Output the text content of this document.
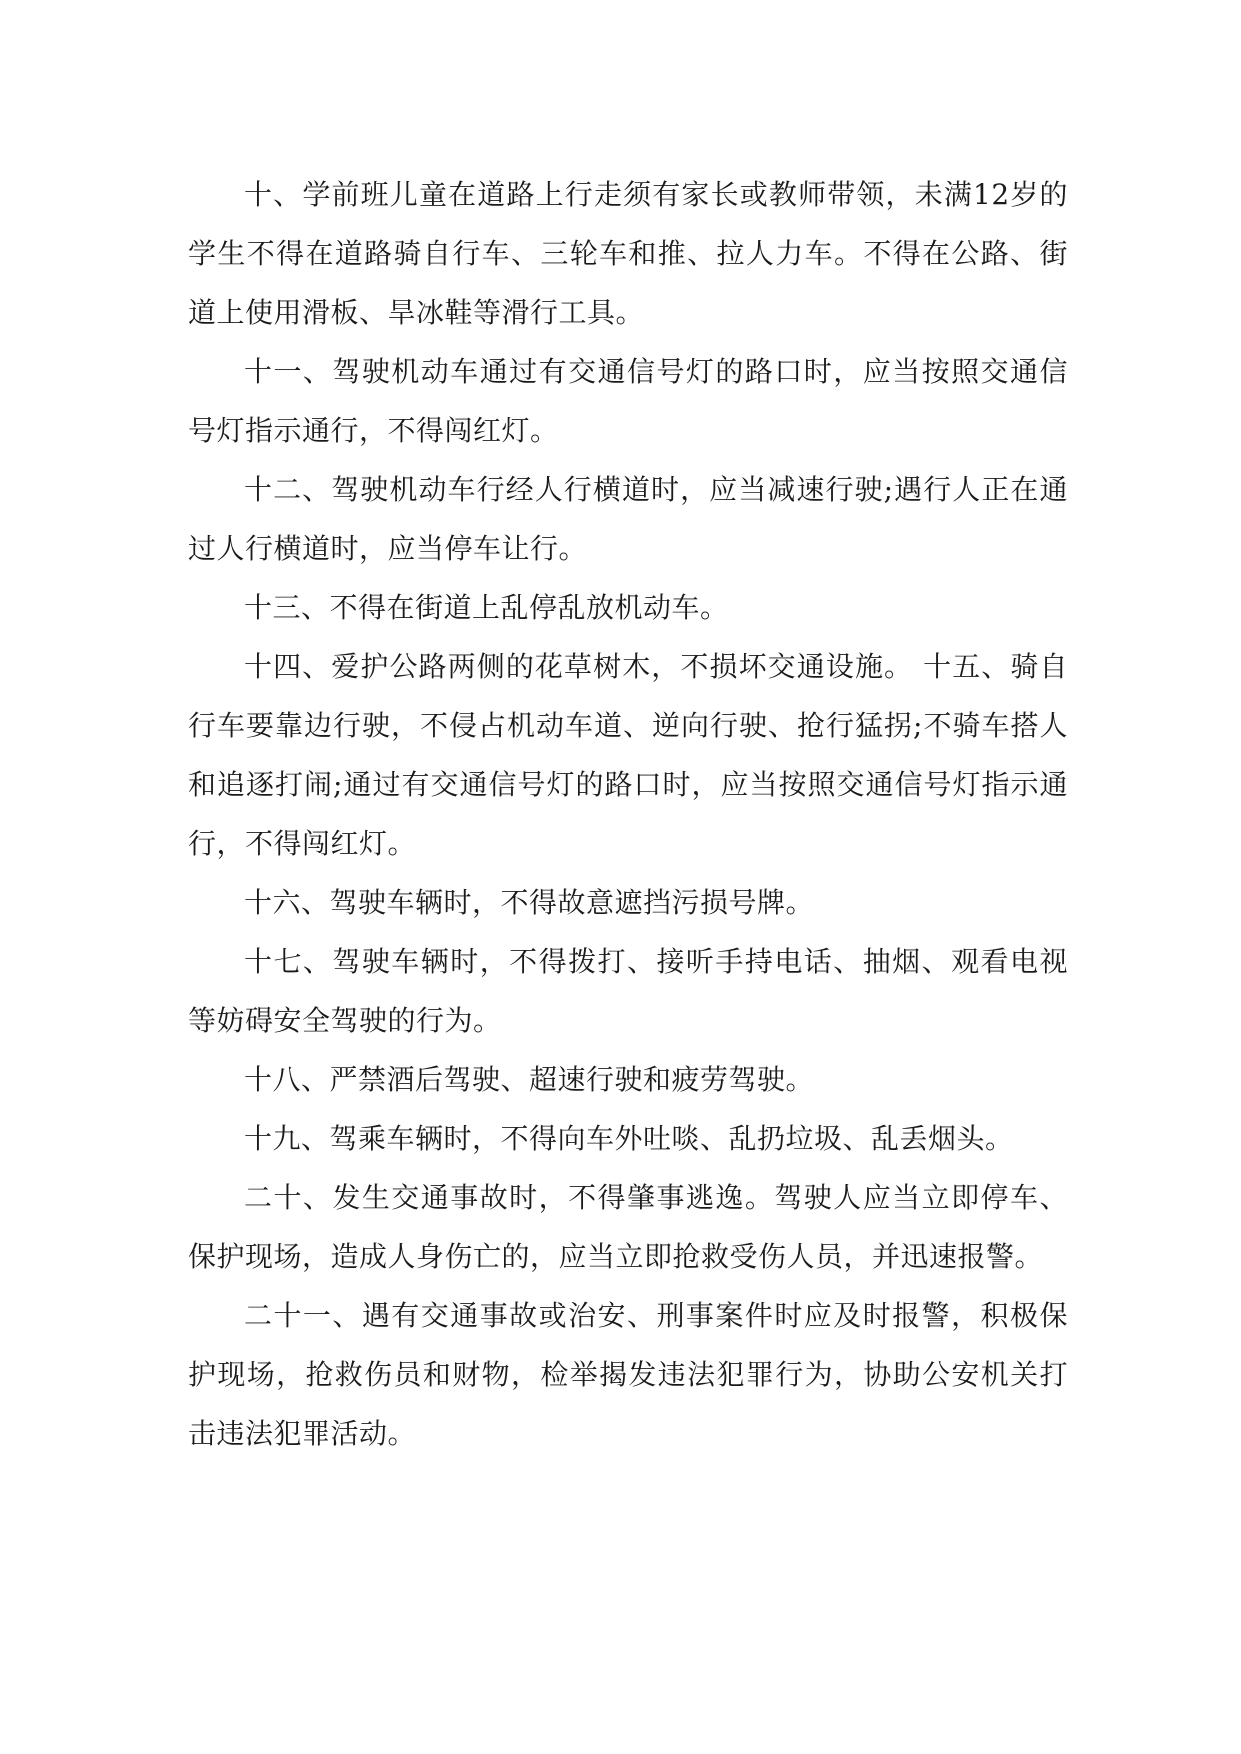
十、学前班儿童在道路上行走须有家长或教师带领，未满12岁的学生不得在道路骑自行车、三轮车和推、拉人力车。不得在公路、街道上使用滑板、旱冰鞋等滑行工具。

十一、驾驶机动车通过有交通信号灯的路口时，应当按照交通信号灯指示通行，不得闯红灯。

十二、驾驶机动车行经人行横道时，应当减速行驶;遇行人正在通过人行横道时，应当停车让行。

十三、不得在街道上乱停乱放机动车。

十四、爱护公路两侧的花草树木，不损坏交通设施。 十五、骑自行车要靠边行驶，不侵占机动车道、逆向行驶、抢行猛拐;不骑车搭人和追逐打闹;通过有交通信号灯的路口时，应当按照交通信号灯指示通行，不得闯红灯。

十六、驾驶车辆时，不得故意遮挡污损号牌。

十七、驾驶车辆时，不得拨打、接听手持电话、抽烟、观看电视等妨碍安全驾驶的行为。

十八、严禁酒后驾驶、超速行驶和疲劳驾驶。

十九、驾乘车辆时，不得向车外吐啖、乱扔垃圾、乱丢烟头。

二十、发生交通事故时，不得肇事逃逸。驾驶人应当立即停车、保护现场，造成人身伤亡的，应当立即抢救受伤人员，并迅速报警。

二十一、遇有交通事故或治安、刑事案件时应及时报警，积极保护现场，抢救伤员和财物，检举揭发违法犯罪行为，协助公安机关打击违法犯罪活动。
